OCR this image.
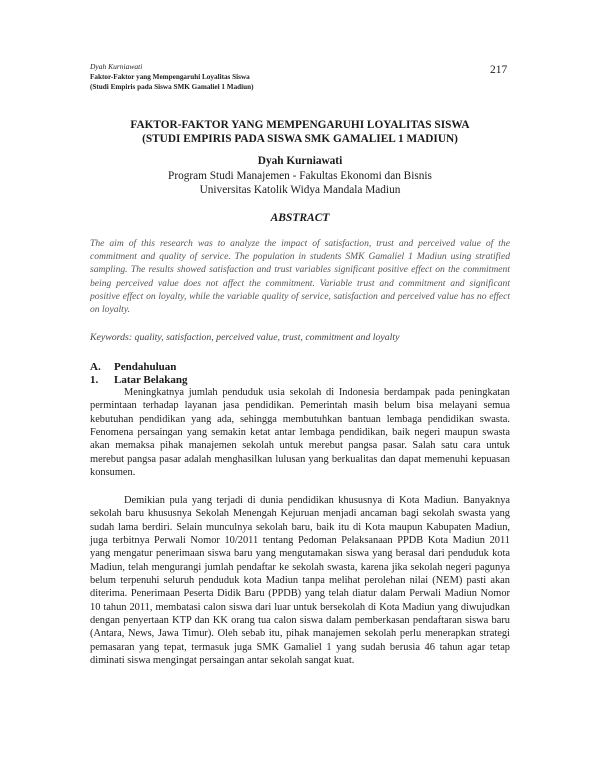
Dyah Kurniawati
Faktor-Faktor yang Mempengaruhi Loyalitas Siswa
(Studi Empiris pada Siswa SMK Gamaliel 1 Madiun)
217

FAKTOR-FAKTOR YANG MEMPENGARUHI LOYALITAS SISWA

(STUDI EMPIRIS PADA SISWA SMK GAMALIEL 1 MADIUN)

Dyah Kurniawati
Program Studi Manajemen - Fakultas Ekonomi dan Bisnis
Universitas Katolik Widya Mandala Madiun
ABSTRACT
The aim of this research was to analyze the impact of satisfaction, trust and perceived value of the commitment and quality of service. The population in students SMK Gamaliel 1 Madiun using stratified sampling. The results showed satisfaction and trust variables significant positive effect on the commitment being perceived value does not affect the commitment. Variable trust and commitment and significant positive effect on loyalty, while the variable quality of service, satisfaction and perceived value has no effect on loyalty.
Keywords: quality, satisfaction, perceived value, trust, commitment and loyalty
A. Pendahuluan
1. Latar Belakang

Meningkatnya jumlah penduduk usia sekolah di Indonesia berdampak pada peningkatan permintaan terhadap layanan jasa pendidikan. Pemerintah masih belum bisa melayani semua kebutuhan pendidikan yang ada, sehingga membutuhkan bantuan lembaga pendidikan swasta. Fenomena persaingan yang semakin ketat antar lembaga pendidikan, baik negeri maupun swasta akan memaksa pihak manajemen sekolah untuk merebut pangsa pasar. Salah satu cara untuk merebut pangsa pasar adalah menghasilkan lulusan yang berkualitas dan dapat memenuhi kepuasan konsumen.

Demikian pula yang terjadi di dunia pendidikan khususnya di Kota Madiun. Banyaknya sekolah baru khususnya Sekolah Menengah Kejuruan menjadi ancaman bagi sekolah swasta yang sudah lama berdiri. Selain munculnya sekolah baru, baik itu di Kota maupun Kabupaten Madiun, juga terbitnya Perwali Nomor 10/2011 tentang Pedoman Pelaksanaan PPDB Kota Madiun 2011 yang mengatur penerimaan siswa baru yang mengutamakan siswa yang berasal dari penduduk kota Madiun, telah mengurangi jumlah pendaftar ke sekolah swasta, karena jika sekolah negeri pagunya belum terpenuhi seluruh penduduk kota Madiun tanpa melihat perolehan nilai (NEM) pasti akan diterima. Penerimaan Peserta Didik Baru (PPDB) yang telah diatur dalam Perwali Madiun Nomor 10 tahun 2011, membatasi calon siswa dari luar untuk bersekolah di Kota Madiun yang diwujudkan dengan penyertaan KTP dan KK orang tua calon siswa dalam pemberkasan pendaftaran siswa baru (Antara, News, Jawa Timur). Oleh sebab itu, pihak manajemen sekolah perlu menerapkan strategi pemasaran yang tepat, termasuk juga SMK Gamaliel 1 yang sudah berusia 46 tahun agar tetap diminati siswa mengingat persaingan antar sekolah sangat kuat.
